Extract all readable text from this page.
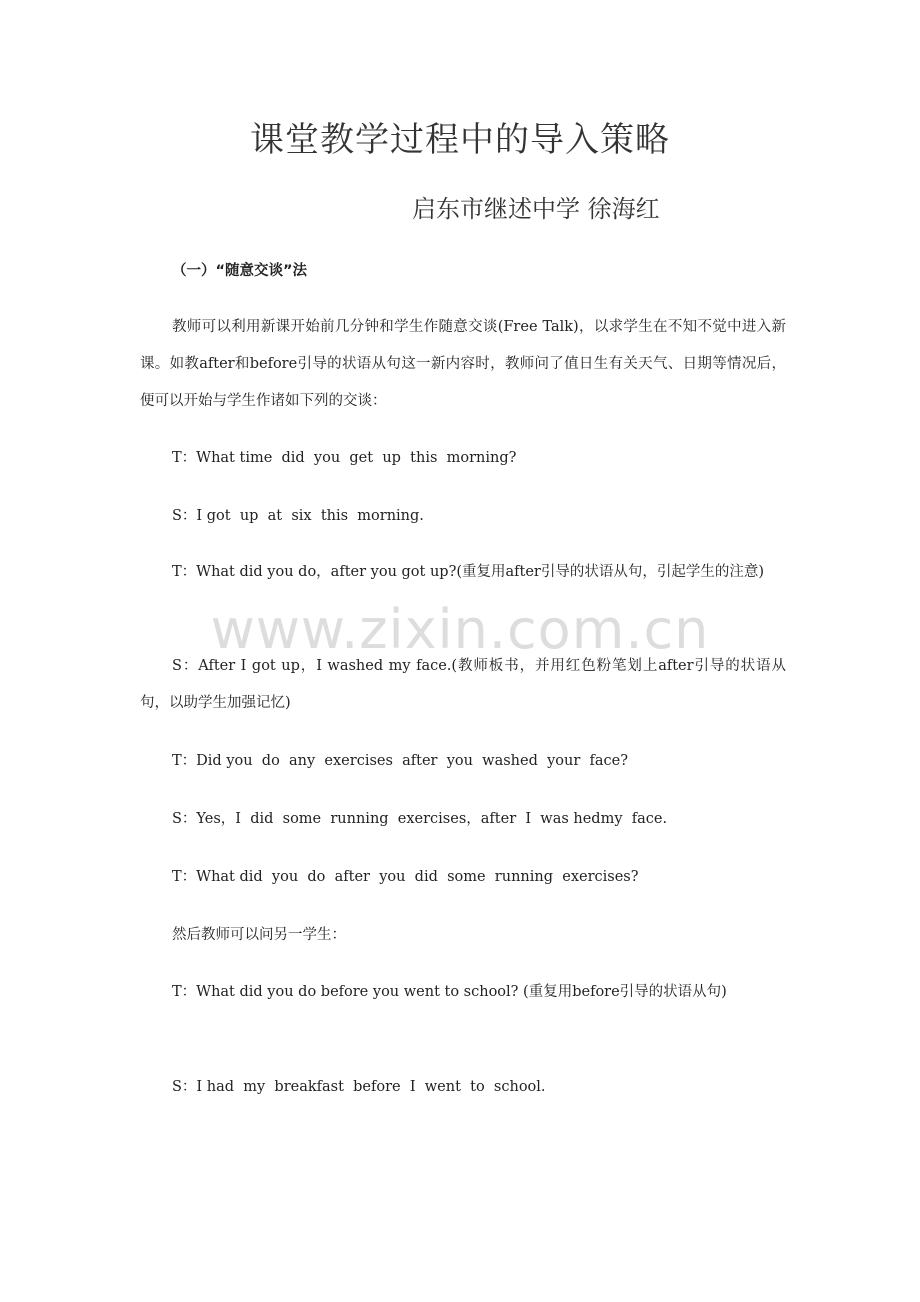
课堂教学过程中的导入策略
启东市继述中学 徐海红
（一）“随意交谈”法
教师可以利用新课开始前几分钟和学生作随意交谈(Free Talk)，以求学生在不知不觉中进入新课。如教after和before引导的状语从句这一新内容时，教师问了值日生有关天气、日期等情况后，便可以开始与学生作诸如下列的交谈：
T：What time  did  you  get  up  this  morning?
S：I got  up  at  six  this  morning.
T：What did you do，after you got up?(重复用after引导的状语从句，引起学生的注意)
S：After I got up，I washed my face.(教师板书，并用红色粉笔划上after引导的状语从句，以助学生加强记忆)
T：Did you  do  any  exercises  after  you  washed  your  face?
S：Yes，I  did  some  running  exercises，after  I  was hedmy  face.
T：What did  you  do  after  you  did  some  running  exercises?
然后教师可以问另一学生：
T：What did you do before you went to school? (重复用before引导的状语从句)
S：I had  my  breakfast  before  I  went  to  school.
www.zixin.com.cn
